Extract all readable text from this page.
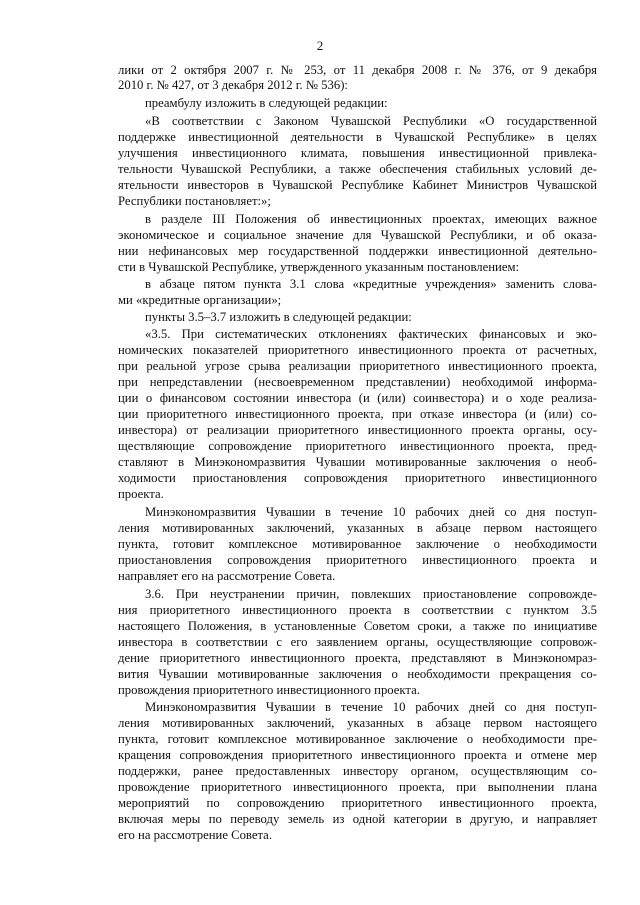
2
лики от 2 октября 2007 г. № 253, от 11 декабря 2008 г. № 376, от 9 декабря
2010 г. № 427, от 3 декабря 2012 г. № 536):
преамбулу изложить в следующей редакции:
«В соответствии с Законом Чувашской Республики «О государственной
поддержке инвестиционной деятельности в Чувашской Республике» в целях
улучшения инвестиционного климата, повышения инвестиционной привлека-
тельности Чувашской Республики, а также обеспечения стабильных условий де-
ятельности инвесторов в Чувашской Республике Кабинет Министров Чувашской
Республики постановляет:»;
в разделе III Положения об инвестиционных проектах, имеющих важное
экономическое и социальное значение для Чувашской Республики, и об оказа-
нии нефинансовых мер государственной поддержки инвестиционной деятельно-
сти в Чувашской Республике, утвержденного указанным постановлением:
в абзаце пятом пункта 3.1 слова «кредитные учреждения» заменить слова-
ми «кредитные организации»;
пункты 3.5–3.7 изложить в следующей редакции:
«3.5. При систематических отклонениях фактических финансовых и эко-
номических показателей приоритетного инвестиционного проекта от расчетных,
при реальной угрозе срыва реализации приоритетного инвестиционного проекта,
при непредставлении (несвоевременном представлении) необходимой информа-
ции о финансовом состоянии инвестора (и (или) соинвестора) и о ходе реализа-
ции приоритетного инвестиционного проекта, при отказе инвестора (и (или) со-
инвестора) от реализации приоритетного инвестиционного проекта органы, осу-
ществляющие сопровождение приоритетного инвестиционного проекта, пред-
ставляют в Минэкономразвития Чувашии мотивированные заключения о необ-
ходимости приостановления сопровождения приоритетного инвестиционного
проекта.
Минэкономразвития Чувашии в течение 10 рабочих дней со дня поступ-
ления мотивированных заключений, указанных в абзаце первом настоящего
пункта, готовит комплексное мотивированное заключение о необходимости
приостановления сопровождения приоритетного инвестиционного проекта и
направляет его на рассмотрение Совета.
3.6. При неустранении причин, повлекших приостановление сопровожде-
ния приоритетного инвестиционного проекта в соответствии с пунктом 3.5
настоящего Положения, в установленные Советом сроки, а также по инициативе
инвестора в соответствии с его заявлением органы, осуществляющие сопровож-
дение приоритетного инвестиционного проекта, представляют в Минэкономраз-
вития Чувашии мотивированные заключения о необходимости прекращения со-
провождения приоритетного инвестиционного проекта.
Минэкономразвития Чувашии в течение 10 рабочих дней со дня поступ-
ления мотивированных заключений, указанных в абзаце первом настоящего
пункта, готовит комплексное мотивированное заключение о необходимости пре-
кращения сопровождения приоритетного инвестиционного проекта и отмене мер
поддержки, ранее предоставленных инвестору органом, осуществляющим со-
провождение приоритетного инвестиционного проекта, при выполнении плана
мероприятий по сопровождению приоритетного инвестиционного проекта,
включая меры по переводу земель из одной категории в другую, и направляет
его на рассмотрение Совета.
